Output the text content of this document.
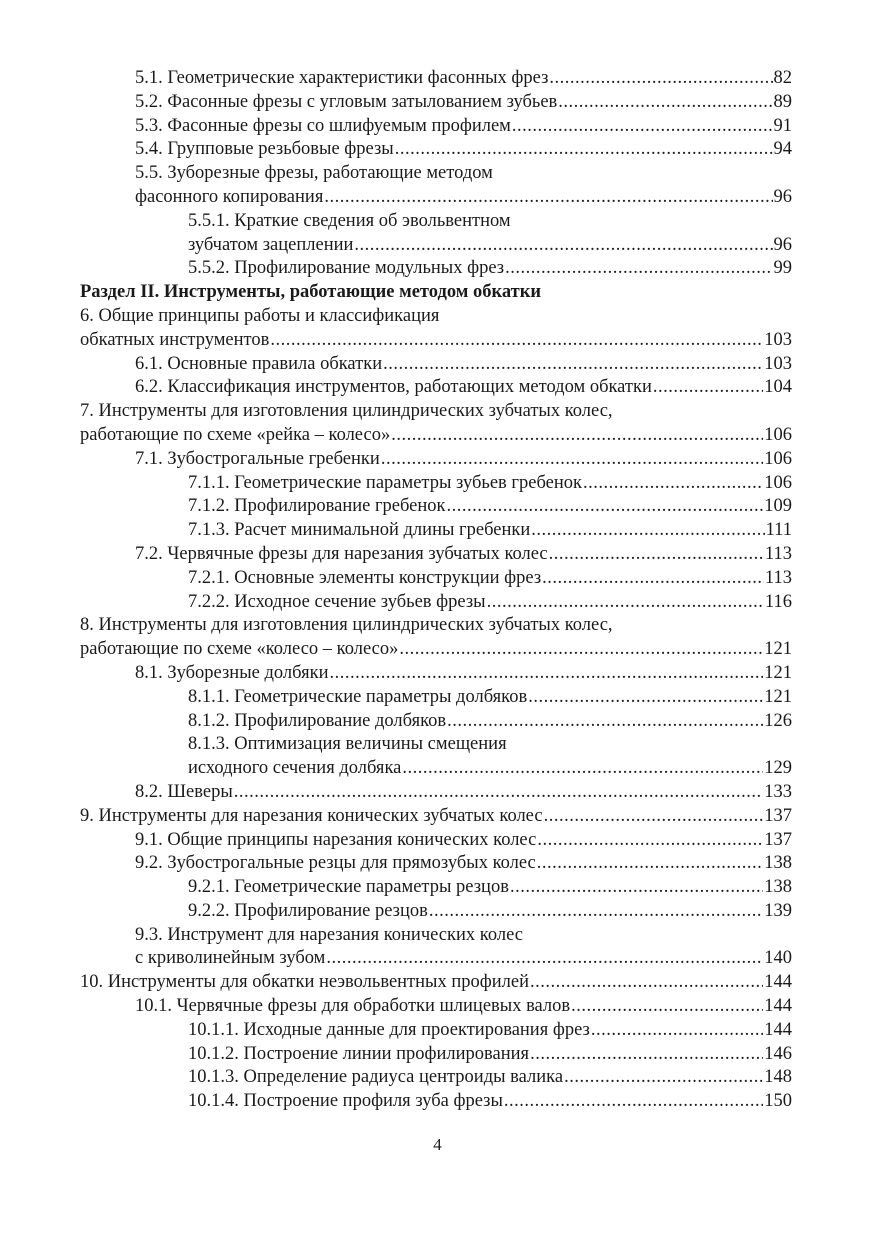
5.1. Геометрические характеристики фасонных фрез .....	82
5.2. Фасонные фрезы с угловым затылованием зубьев .....	89
5.3. Фасонные фрезы со шлифуемым профилем .....	91
5.4. Групповые резьбовые фрезы .....	94
5.5. Зуборезные фрезы, работающие методом
фасонного копирования .....	96
5.5.1. Краткие сведения об эвольвентном
зубчатом зацеплении .....	96
5.5.2. Профилирование модульных фрез .....	99
Раздел II. Инструменты, работающие методом обкатки
6. Общие принципы работы и классификация
обкатных инструментов .....	103
6.1. Основные правила обкатки .....	103
6.2. Классификация инструментов, работающих методом обкатки .....	104
7. Инструменты для изготовления цилиндрических зубчатых колес,
работающие по схеме «рейка – колесо» .....	106
7.1. Зубострогальные гребенки .....	106
7.1.1. Геометрические параметры зубьев гребенок .....	106
7.1.2. Профилирование гребенок .....	109
7.1.3. Расчет минимальной длины гребенки .....	111
7.2. Червячные фрезы для нарезания зубчатых колес .....	113
7.2.1. Основные элементы конструкции фрез .....	113
7.2.2. Исходное сечение зубьев фрезы .....	116
8. Инструменты для изготовления цилиндрических зубчатых колес,
работающие по схеме «колесо – колесо» .....	121
8.1. Зуборезные долбяки .....	121
8.1.1. Геометрические параметры долбяков .....	121
8.1.2. Профилирование долбяков .....	126
8.1.3. Оптимизация величины смещения
исходного сечения долбяка .....	129
8.2. Шеверы .....	133
9. Инструменты для нарезания конических зубчатых колес .....	137
9.1. Общие принципы нарезания конических колес .....	137
9.2. Зубострогальные резцы для прямозубых колес .....	138
9.2.1. Геометрические параметры резцов .....	138
9.2.2. Профилирование резцов .....	139
9.3. Инструмент для нарезания конических колес
с криволинейным зубом .....	140
10. Инструменты для обкатки неэвольвентных профилей .....	144
10.1. Червячные фрезы для обработки шлицевых валов .....	144
10.1.1. Исходные данные для проектирования фрез .....	144
10.1.2. Построение линии профилирования .....	146
10.1.3. Определение радиуса центроиды валика .....	148
10.1.4. Построение профиля зуба фрезы .....	150
4
